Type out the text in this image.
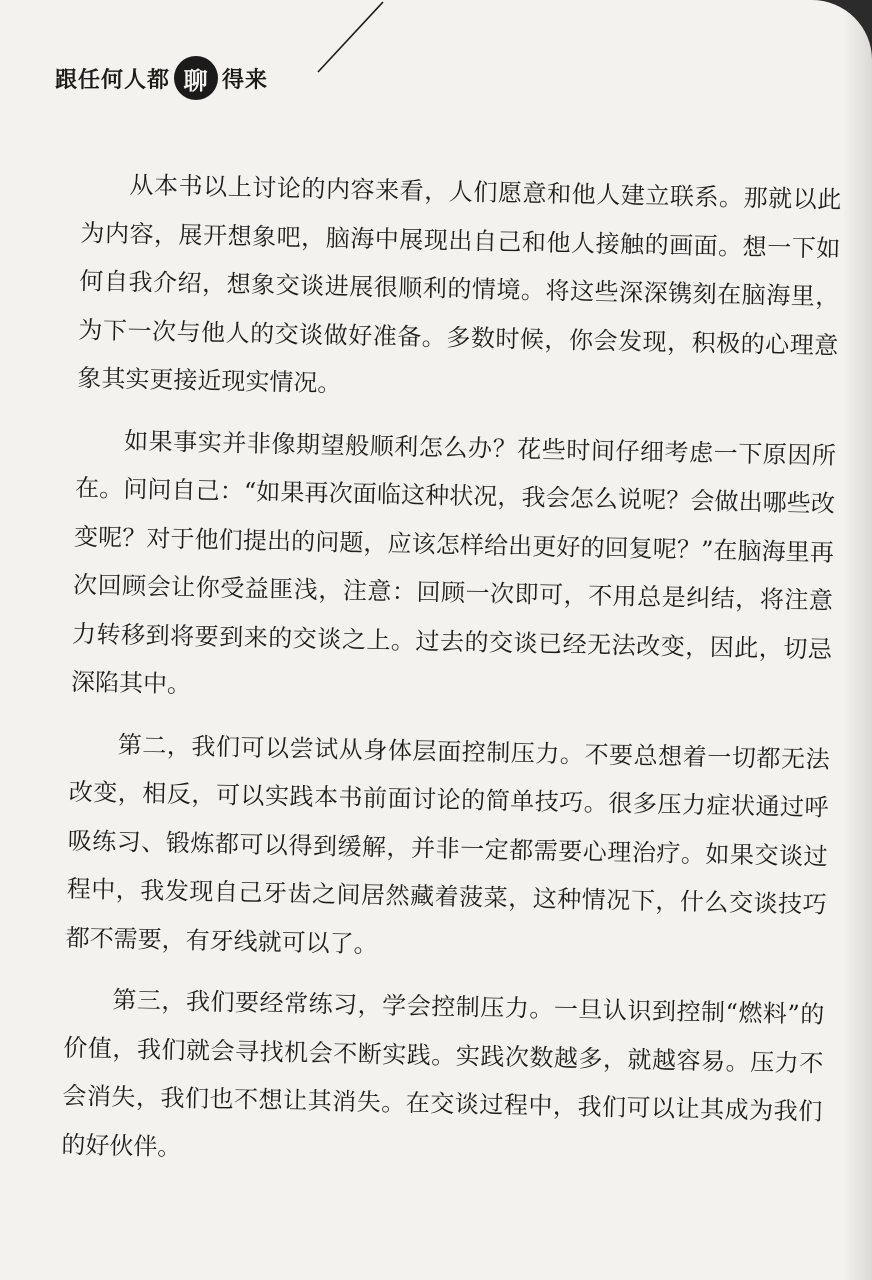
跟任何人都 聊 得来

从本书以上讨论的内容来看，人们愿意和他人建立联系。那就以此为内容，展开想象吧，脑海中展现出自己和他人接触的画面。想一下如何自我介绍，想象交谈进展很顺利的情境。将这些深深镌刻在脑海里，为下一次与他人的交谈做好准备。多数时候，你会发现，积极的心理意象其实更接近现实情况。

如果事实并非像期望般顺利怎么办？花些时间仔细考虑一下原因所在。问问自己：“如果再次面临这种状况，我会怎么说呢？会做出哪些改变呢？对于他们提出的问题，应该怎样给出更好的回复呢？”在脑海里再次回顾会让你受益匪浅，注意：回顾一次即可，不用总是纠结，将注意力转移到将要到来的交谈之上。过去的交谈已经无法改变，因此，切忌深陷其中。

第二，我们可以尝试从身体层面控制压力。不要总想着一切都无法改变，相反，可以实践本书前面讨论的简单技巧。很多压力症状通过呼吸练习、锻炼都可以得到缓解，并非一定都需要心理治疗。如果交谈过程中，我发现自己牙齿之间居然藏着菠菜，这种情况下，什么交谈技巧都不需要，有牙线就可以了。

第三，我们要经常练习，学会控制压力。一旦认识到控制“燃料”的价值，我们就会寻找机会不断实践。实践次数越多，就越容易。压力不会消失，我们也不想让其消失。在交谈过程中，我们可以让其成为我们的好伙伴。
